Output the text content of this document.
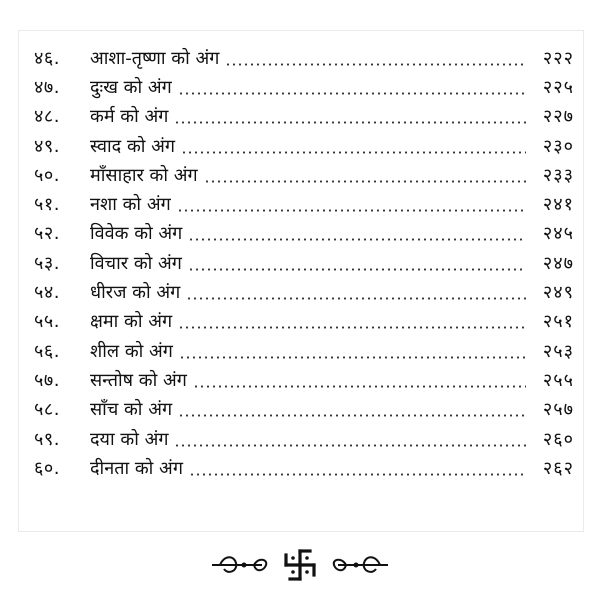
४६.	आशा-तृष्णा को अंग	२२२
४७.	दुःख को अंग	२२५
४८.	कर्म को अंग	२२७
४९.	स्वाद को अंग	२३०
५०.	माँसाहार को अंग	२३३
५१.	नशा को अंग	२४१
५२.	विवेक को अंग	२४५
५३.	विचार को अंग	२४७
५४.	धीरज को अंग	२४९
५५.	क्षमा को अंग	२५१
५६.	शील को अंग	२५३
५७.	सन्तोष को अंग	२५५
५८.	साँच को अंग	२५७
५९.	दया को अंग	२६०
६०.	दीनता को अंग	२६२
